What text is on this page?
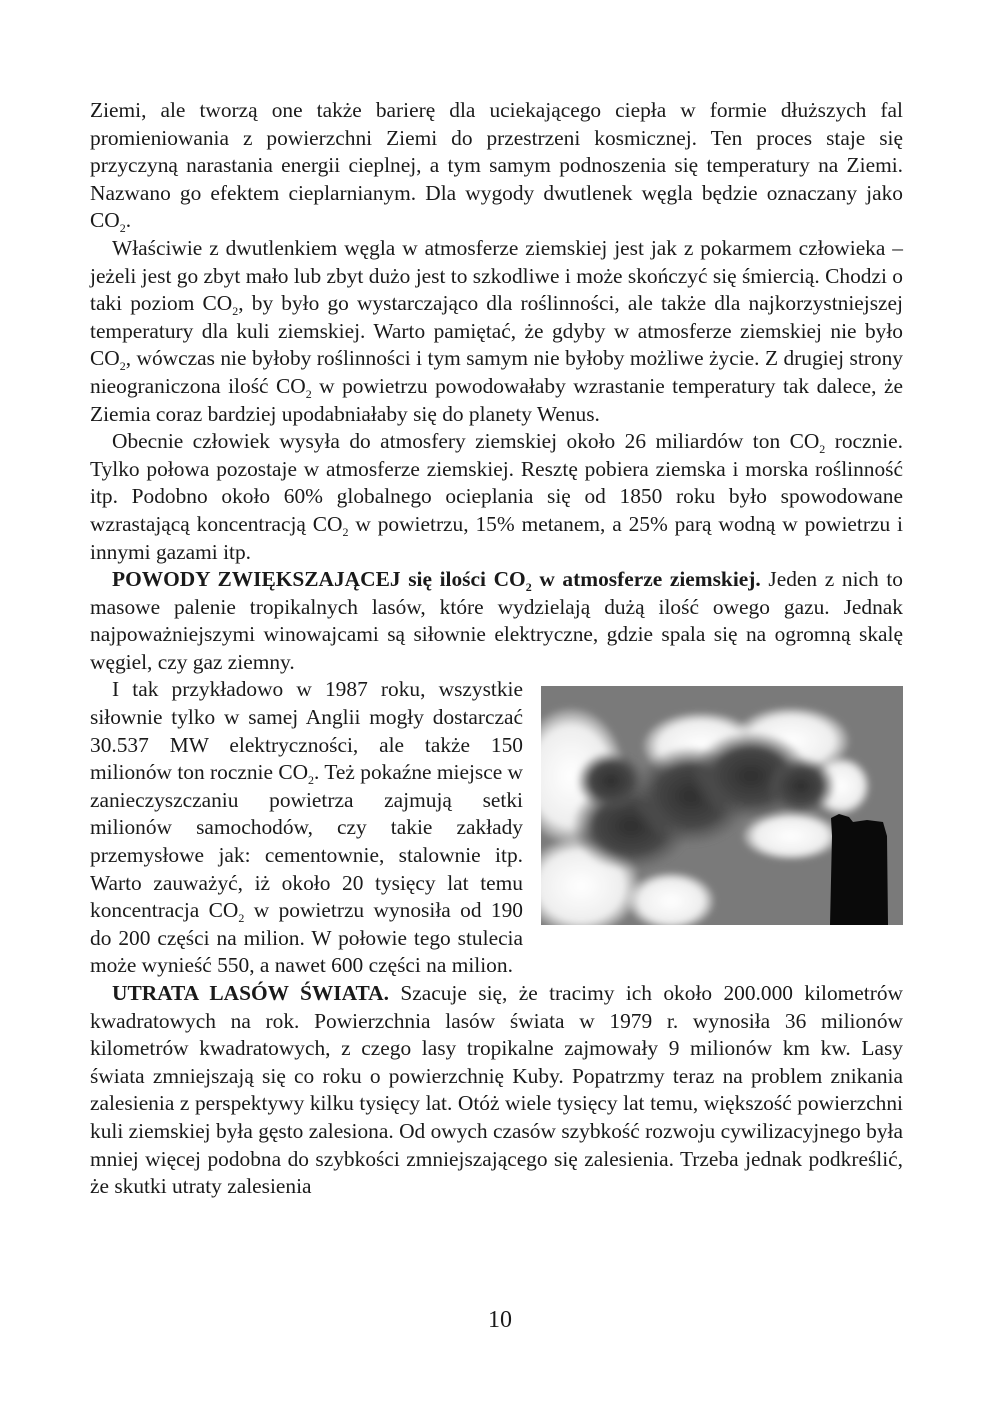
Ziemi, ale tworzą one także barierę dla uciekającego ciepła w formie dłuższych fal promieniowania z powierzchni Ziemi do przestrzeni kosmicznej. Ten proces staje się przyczyną narastania energii cieplnej, a tym samym podnoszenia się temperatury na Ziemi. Nazwano go efektem cieplarnianym. Dla wygody dwutlenek węgla będzie oznaczany jako $CO_2$.

Właściwie z dwutlenkiem węgla w atmosferze ziemskiej jest jak z pokarmem człowieka – jeżeli jest go zbyt mało lub zbyt dużo jest to szkodliwe i może skończyć się śmiercią. Chodzi o taki poziom $CO_2$, by było go wystarczająco dla roślinności, ale także dla najkorzystniejszej temperatury dla kuli ziemskiej. Warto pamiętać, że gdyby w atmosferze ziemskiej nie było $CO_2$, wówczas nie byłoby roślinności i tym samym nie byłoby możliwe życie. Z drugiej strony nieograniczona ilość $CO_2$ w powietrzu powodowałaby wzrastanie temperatury tak dalece, że Ziemia coraz bardziej upodabniałaby się do planety Wenus.

Obecnie człowiek wysyła do atmosfery ziemskiej około 26 miliardów ton $CO_2$ rocznie. Tylko połowa pozostaje w atmosferze ziemskiej. Resztę pobiera ziemska i morska roślinność itp. Podobno około 60% globalnego ocieplania się od 1850 roku było spowodowane wzrastającą koncentracją $CO_2$ w powietrzu, 15% metanem, a 25% parą wodną w powietrzu i innymi gazami itp.

POWODY ZWIĘKSZAJĄCEJ się ilości $CO_2$ w atmosferze ziemskiej. Jeden z nich to masowe palenie tropikalnych lasów, które wydzielają dużą ilość owego gazu. Jednak najpoważniejszymi winowajcami są siłownie elektryczne, gdzie spala się na ogromną skalę węgiel, czy gaz ziemny.

I tak przykładowo w 1987 roku, wszystkie siłownie tylko w samej Anglii mogły dostarczać 30.537 MW elektryczności, ale także 150 milionów ton rocznie $CO_2$. Też pokaźne miejsce w zanieczyszczaniu powietrza zajmują setki milionów samochodów, czy takie zakłady przemysłowe jak: cementownie, stalownie itp. Warto zauważyć, iż około 20 tysięcy lat temu koncentracja $CO_2$ w powietrzu wynosiła od 190 do 200 części na milion. W połowie tego stulecia może wynieść 550, a nawet 600 części na milion.

UTRATA LASÓW ŚWIATA. Szacuje się, że tracimy ich około 200.000 kilometrów kwadratowych na rok. Powierzchnia lasów świata w 1979 r. wynosiła 36 milionów kilometrów kwadratowych, z czego lasy tropikalne zajmowały 9 milionów km kw. Lasy świata zmniejszają się co roku o powierzchnię Kuby. Popatrzmy teraz na problem znikania zalesienia z perspektywy kilku tysięcy lat. Otóż wiele tysięcy lat temu, większość powierzchni kuli ziemskiej była gęsto zalesiona. Od owych czasów szybkość rozwoju cywilizacyjnego była mniej więcej podobna do szybkości zmniejszającego się zalesienia. Trzeba jednak podkreślić, że skutki utraty zalesienia

10
